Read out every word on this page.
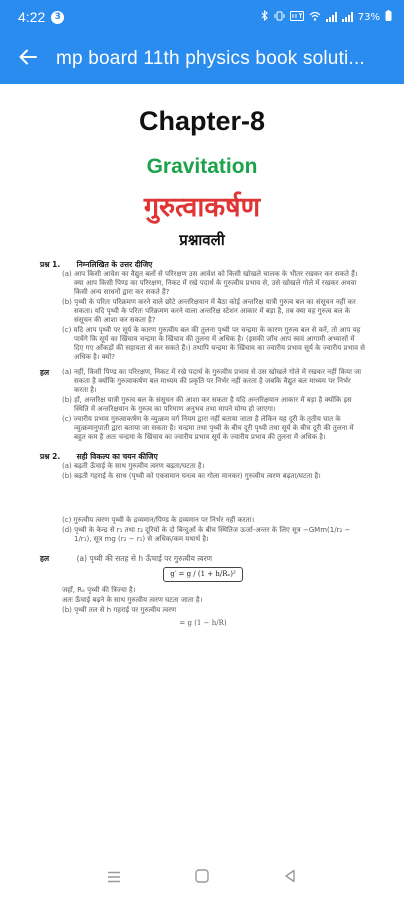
4:22	3	73%
mp board 11th physics book soluti...
Chapter-8
Gravitation
गुरुत्वाकर्षण
प्रश्नावली
प्रश्न 1. निम्नलिखित के उत्तर दीजिए
(a) आप किसी आवेश का वैद्युत बलों से परिरक्षण उस आवेश को किसी खोखले चालक के भीतर रखकर कर सकते हैं। क्या आप किसी पिण्ड का परिरक्षण, निकट में रखे पदार्थ के गुरुत्वीय प्रभाव से, उसे खोखले गोले में रखकर अथवा किसी अन्य साधनों द्वारा कर सकते हैं?
(b) पृथ्वी के परितः परिक्रमण करने वाले छोटे अन्तरिक्षयान में बैठा कोई अन्तरिक्ष यात्री गुरुत्व बल का संसूचन नहीं कर सकता। यदि पृथ्वी के परितः परिक्रमण करने वाला अन्तरिक्ष स्टेशन आकार में बड़ा है, तब क्या वह गुरुत्व बल के संसूचन की आशा कर सकता है?
(c) यदि आप पृथ्वी पर सूर्य के कारण गुरुत्वीय बल की तुलना पृथ्वी पर चन्द्रमा के कारण गुरुत्व बल से करें, तो आप यह पायेंगे कि सूर्य का खिंचाव चन्द्रमा के खिंचाव की तुलना में अधिक है। (इसकी जाँच आप स्वयं आगामी अभ्यासों में दिए गए आँकड़ों की सहायता से कर सकते हैं।) तथापि चन्द्रमा के खिंचाव का ज्वारीय प्रभाव सूर्य के ज्वारीय प्रभाव से अधिक है। क्यों?
हल	(a) नहीं, किसी पिण्ड का परिरक्षण, निकट में रखे पदार्थ के गुरुत्वीय प्रभाव से उस खोखले गोले में रखकर नहीं किया जा सकता है क्योंकि गुरुत्वाकर्षण बल माध्यम की प्रकृति पर निर्भर नहीं करता है जबकि वैद्युत बल माध्यम पर निर्भर करता है।
(b) हाँ, अन्तरिक्ष यात्री गुरुत्व बल के संसूचन की आशा कर सकता है यदि अन्तरिक्षयान आकार में बड़ा है क्योंकि इस स्थिति में अन्तरिक्षयान के गुरुत्व का परिमाण अनुभव तथा मापने योग्य हो जाएगा।
(c) ज्वारीय प्रभाव गुरुत्वाकर्षण के व्युत्क्रम वर्ग नियम द्वारा नहीं बताया जाता है लेकिन यह दूरी के तृतीय घात के व्युत्क्रमानुपाती द्वारा बताया जा सकता है। चन्द्रमा तथा पृथ्वी के बीच दूरी पृथ्वी तथा सूर्य के बीच दूरी की तुलना में बहुत कम है अतः चन्द्रमा के खिंचाव का ज्वारीय प्रभाव सूर्य के ज्वारीय प्रभाव की तुलना में अधिक है।
प्रश्न 2. सही विकल्प का चयन कीजिए
(a) बढ़ती ऊँचाई के साथ गुरुत्वीय त्वरण बढ़ता/घटता है।
(b) बढ़ती गहराई के साथ (पृथ्वी को एकसमान घनत्व का गोला मानकर) गुरुत्वीय त्वरण बढ़ता/घटता है।
(c) गुरुत्वीय त्वरण पृथ्वी के द्रव्यमान/पिण्ड के द्रव्यमान पर निर्भर नहीं करता।
(d) पृथ्वी के केन्द्र से r₁ तथा r₂ दूरियों के दो बिन्दुओं के बीच स्थितिज ऊर्जा-अन्तर के लिए सूत्र −GMm(1/r₂ − 1/r₁), सूत्र mg (r₂ − r₁) से अधिक/कम यथार्थ है।
हल	(a) पृथ्वी की सतह से h ऊँचाई पर गुरुत्वीय त्वरण
g′ = g / (1 + h/Rₑ)²
जहाँ, Rₑ पृथ्वी की त्रिज्या है।
अतः ऊँचाई बढ़ने के साथ गुरुत्वीय त्वरण घटता जाता है।
(b) पृथ्वी तल से h गहराई पर गुरुत्वीय त्वरण
= g (1 − h/R)
